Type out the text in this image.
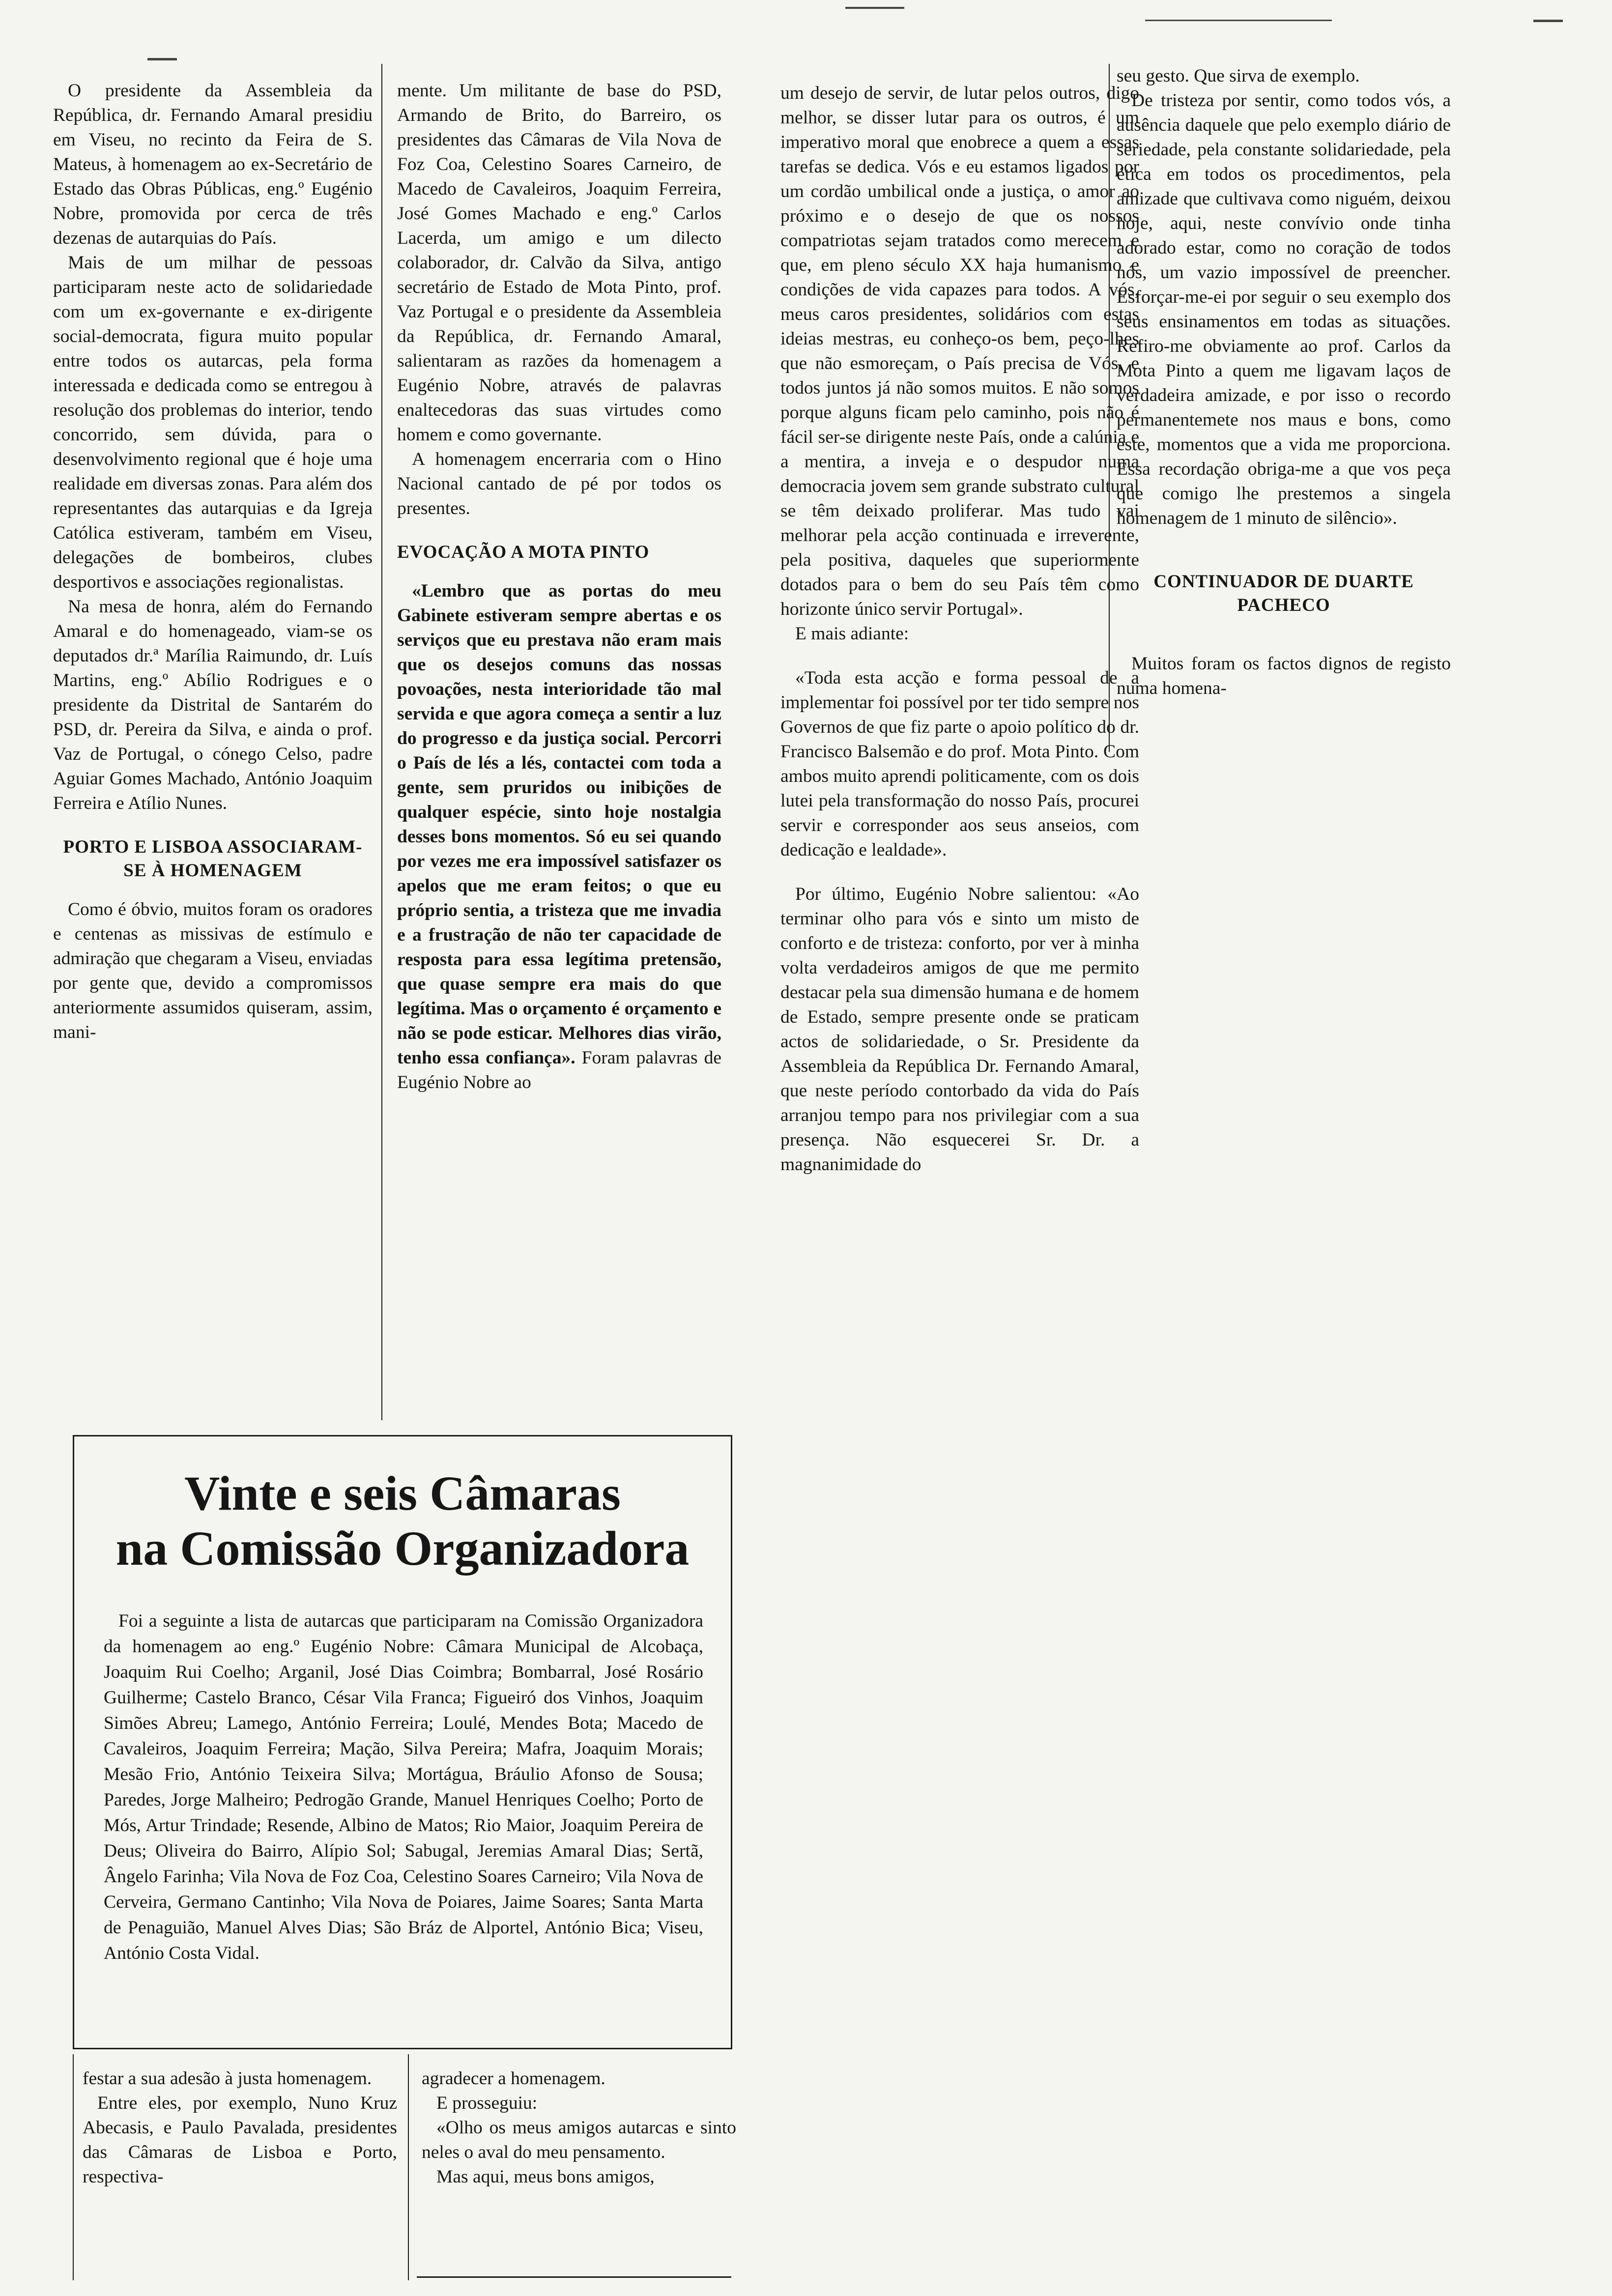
O presidente da Assembleia da República, dr. Fernando Amaral presidiu em Viseu, no recinto da Feira de S. Mateus, à homenagem ao ex-Secretário de Estado das Obras Públicas, eng.º Eugénio Nobre, promovida por cerca de três dezenas de autarquias do País.

Mais de um milhar de pessoas participaram neste acto de solidariedade com um ex-governante e ex-dirigente social-democrata, figura muito popular entre todos os autarcas, pela forma interessada e dedicada como se entregou à resolução dos problemas do interior, tendo concorrido, sem dúvida, para o desenvolvimento regional que é hoje uma realidade em diversas zonas. Para além dos representantes das autarquias e da Igreja Católica estiveram, também em Viseu, delegações de bombeiros, clubes desportivos e associações regionalistas.

Na mesa de honra, além do Fernando Amaral e do homenageado, viam-se os deputados dr.ª Marília Raimundo, dr. Luís Martins, eng.º Abílio Rodrigues e o presidente da Distrital de Santarém do PSD, dr. Pereira da Silva, e ainda o prof. Vaz de Portugal, o cónego Celso, padre Aguiar Gomes Machado, António Joaquim Ferreira e Atílio Nunes.

PORTO E LISBOA ASSOCIARAM-SE À HOMENAGEM

Como é óbvio, muitos foram os oradores e centenas as missivas de estímulo e admiração que chegaram a Viseu, enviadas por gente que, devido a compromissos anteriormente assumidos quiseram, assim, mani-

mente. Um militante de base do PSD, Armando de Brito, do Barreiro, os presidentes das Câmaras de Vila Nova de Foz Coa, Celestino Soares Carneiro, de Macedo de Cavaleiros, Joaquim Ferreira, José Gomes Machado e eng.º Carlos Lacerda, um amigo e um dilecto colaborador, dr. Calvão da Silva, antigo secretário de Estado de Mota Pinto, prof. Vaz Portugal e o presidente da Assembleia da República, dr. Fernando Amaral, salientaram as razões da homenagem a Eugénio Nobre, através de palavras enaltecedoras das suas virtudes como homem e como governante.

A homenagem encerraria com o Hino Nacional cantado de pé por todos os presentes.

EVOCAÇÃO A MOTA PINTO

«Lembro que as portas do meu Gabinete estiveram sempre abertas e os serviços que eu prestava não eram mais que os desejos comuns das nossas povoações, nesta interioridade tão mal servida e que agora começa a sentir a luz do progresso e da justiça social. Percorri o País de lés a lés, contactei com toda a gente, sem pruridos ou inibições de qualquer espécie, sinto hoje nostalgia desses bons momentos. Só eu sei quando por vezes me era impossível satisfazer os apelos que me eram feitos; o que eu próprio sentia, a tristeza que me invadia e a frustração de não ter capacidade de resposta para essa legítima pretensão, que quase sempre era mais do que legítima. Mas o orçamento é orçamento e não se pode esticar. Melhores dias virão, tenho essa confiança». Foram palavras de Eugénio Nobre ao

um desejo de servir, de lutar pelos outros, digo melhor, se disser lutar para os outros, é um imperativo moral que enobrece a quem a essas tarefas se dedica. Vós e eu estamos ligados por um cordão umbilical onde a justiça, o amor ao próximo e o desejo de que os nossos compatriotas sejam tratados como merecem e que, em pleno século XX haja humanismo e condições de vida capazes para todos. A vós, meus caros presidentes, solidários com estas ideias mestras, eu conheço-os bem, peço-lhes que não esmoreçam, o País precisa de Vós, e todos juntos já não somos muitos. E não somos porque alguns ficam pelo caminho, pois não é fácil ser-se dirigente neste País, onde a calúnia e a mentira, a inveja e o despudor numa democracia jovem sem grande substrato cultural se têm deixado proliferar. Mas tudo vai melhorar pela acção continuada e irreverente, pela positiva, daqueles que superiormente dotados para o bem do seu País têm como horizonte único servir Portugal».

E mais adiante:

«Toda esta acção e forma pessoal de a implementar foi possível por ter tido sempre nos Governos de que fiz parte o apoio político do dr. Francisco Balsemão e do prof. Mota Pinto. Com ambos muito aprendi politicamente, com os dois lutei pela transformação do nosso País, procurei servir e corresponder aos seus anseios, com dedicação e lealdade».

Por último, Eugénio Nobre salientou: «Ao terminar olho para vós e sinto um misto de conforto e de tristeza: conforto, por ver à minha volta verdadeiros amigos de que me permito destacar pela sua dimensão humana e de homem de Estado, sempre presente onde se praticam actos de solidariedade, o Sr. Presidente da Assembleia da República Dr. Fernando Amaral, que neste período contorbado da vida do País arranjou tempo para nos privilegiar com a sua presença. Não esquecerei Sr. Dr. a magnanimidade do

seu gesto. Que sirva de exemplo.

De tristeza por sentir, como todos vós, a ausência daquele que pelo exemplo diário de seriedade, pela constante solidariedade, pela ética em todos os procedimentos, pela amizade que cultivava como niguém, deixou hoje, aqui, neste convívio onde tinha adorado estar, como no coração de todos nós, um vazio impossível de preencher. Esforçar-me-ei por seguir o seu exemplo dos seus ensinamentos em todas as situações. Refiro-me obviamente ao prof. Carlos da Mota Pinto a quem me ligavam laços de verdadeira amizade, e por isso o recordo permanentemete nos maus e bons, como este, momentos que a vida me proporciona. Essa recordação obriga-me a que vos peça que comigo lhe prestemos a singela homenagem de 1 minuto de silêncio».

CONTINUADOR DE DUARTE PACHECO

Muitos foram os factos dignos de registo numa homena-

Vinte e seis Câmaras
na Comissão Organizadora

Foi a seguinte a lista de autarcas que participaram na Comissão Organizadora da homenagem ao eng.º Eugénio Nobre: Câmara Municipal de Alcobaça, Joaquim Rui Coelho; Arganil, José Dias Coimbra; Bombarral, José Rosário Guilherme; Castelo Branco, César Vila Franca; Figueiró dos Vinhos, Joaquim Simões Abreu; Lamego, António Ferreira; Loulé, Mendes Bota; Macedo de Cavaleiros, Joaquim Ferreira; Mação, Silva Pereira; Mafra, Joaquim Morais; Mesão Frio, António Teixeira Silva; Mortágua, Bráulio Afonso de Sousa; Paredes, Jorge Malheiro; Pedrogão Grande, Manuel Henriques Coelho; Porto de Mós, Artur Trindade; Resende, Albino de Matos; Rio Maior, Joaquim Pereira de Deus; Oliveira do Bairro, Alípio Sol; Sabugal, Jeremias Amaral Dias; Sertã, Ângelo Farinha; Vila Nova de Foz Coa, Celestino Soares Carneiro; Vila Nova de Cerveira, Germano Cantinho; Vila Nova de Poiares, Jaime Soares; Santa Marta de Penaguião, Manuel Alves Dias; São Bráz de Alportel, António Bica; Viseu, António Costa Vidal.

festar a sua adesão à justa homenagem.

Entre eles, por exemplo, Nuno Kruz Abecasis, e Paulo Pavalada, presidentes das Câmaras de Lisboa e Porto, respectiva-

agradecer a homenagem.

E prosseguiu:

«Olho os meus amigos autarcas e sinto neles o aval do meu pensamento.

Mas aqui, meus bons amigos,
